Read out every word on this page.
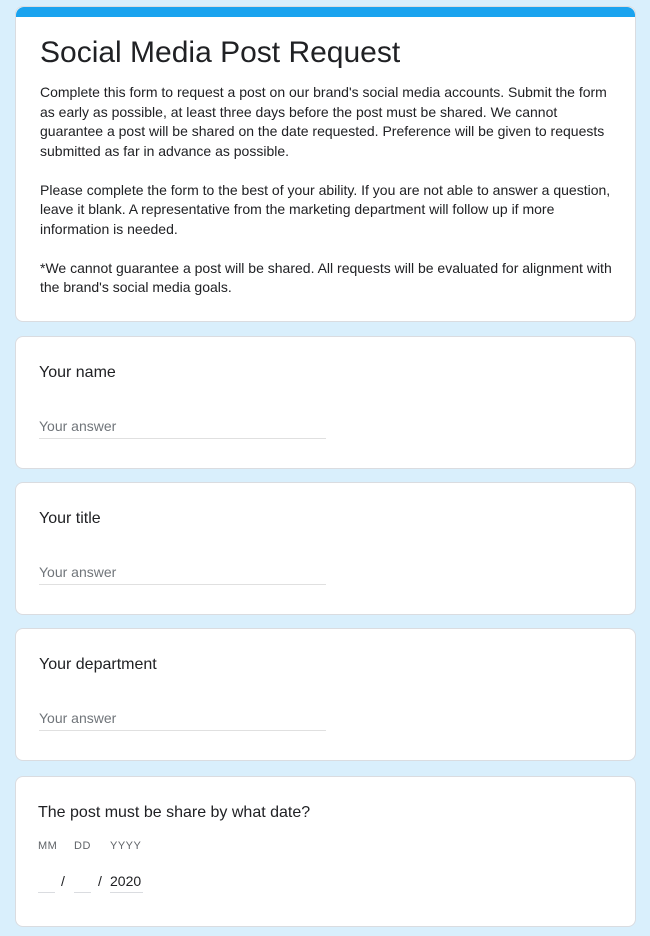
Social Media Post Request

Complete this form to request a post on our brand's social media accounts. Submit the form as early as possible, at least three days before the post must be shared. We cannot guarantee a post will be shared on the date requested. Preference will be given to requests submitted as far in advance as possible.

Please complete the form to the best of your ability. If you are not able to answer a question, leave it blank. A representative from the marketing department will follow up if more information is needed.

*We cannot guarantee a post will be shared. All requests will be evaluated for alignment with the brand's social media goals.

Your name
Your answer
Your title
Your answer
Your department
Your answer
The post must be share by what date?
MM DD YYYY
/ / 2020
